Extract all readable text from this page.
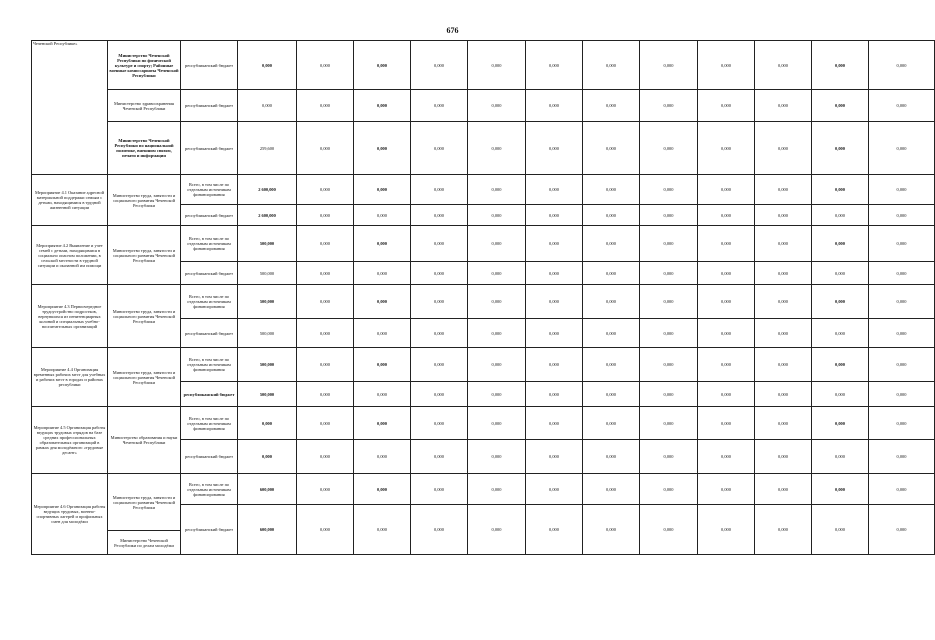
676
Чеченской Республике»	Министерство Чеченской Республики по физической культуре и спорту; Районные военные комиссариаты Чеченской Республики	республиканский бюджет	0,000	0,000	0,000	0,000	0,000	0,000	0,000	0,000	0,000	0,000	0,000	0,000
	Министерство здравоохранения Чеченской Республики	республиканский бюджет	0,000	0,000	0,000	0,000	0,000	0,000	0,000	0,000	0,000	0,000	0,000	0,000
	Министерство Чеченской Республики по национальной политике, внешним связям, печати и информации	республиканский бюджет	259,600	0,000	0,000	0,000	0,000	0,000	0,000	0,000	0,000	0,000	0,000	0,000
Мероприятие 4.1 Оказание адресной материальной поддержки семьям с детьми, находящимися в трудной жизненной ситуации	Министерство труда, занятости и социального развития Чеченской Республики	Всего, в том числе по отдельным источникам финансирования	2 600,000	0,000	0,000	0,000	0,000	0,000	0,000	0,000	0,000	0,000	0,000	0,000
		республиканский бюджет	2 600,000	0,000	0,000	0,000	0,000	0,000	0,000	0,000	0,000	0,000	0,000	0,000
Мероприятие 4.2 Выявление и учет семей с детьми, находящимися в социально опасном положении, в сельской местности в трудной ситуации и оказанной им помощи	Министерство труда, занятости и социального развития Чеченской Республики	Всего, в том числе по отдельным источникам финансирования	500,000	0,000	0,000	0,000	0,000	0,000	0,000	0,000	0,000	0,000	0,000	0,000
		республиканский бюджет	500,000	0,000	0,000	0,000	0,000	0,000	0,000	0,000	0,000	0,000	0,000	0,000
Мероприятие 4.3 Первоочередное трудоустройство подростков, вернувшихся из пенитенциарных колоний и специальных учебно-воспитательных организаций	Министерство труда, занятости и социального развития Чеченской Республики	Всего, в том числе по отдельным источникам финансирования	500,000	0,000	0,000	0,000	0,000	0,000	0,000	0,000	0,000	0,000	0,000	0,000
		республиканский бюджет	500,000	0,000	0,000	0,000	0,000	0,000	0,000	0,000	0,000	0,000	0,000	0,000
Мероприятие 4.4 Организация временных рабочих мест для учебных и рабочих мест в городах и районах республики	Министерство труда, занятости и социального развития Чеченской Республики	Всего, в том числе по отдельным источникам финансирования	500,000	0,000	0,000	0,000	0,000	0,000	0,000	0,000	0,000	0,000	0,000	0,000
		республиканский бюджет	500,000	0,000	0,000	0,000	0,000	0,000	0,000	0,000	0,000	0,000	0,000	0,000
Мероприятие 4.5 Организация работы ведущих трудовых отрядов на базе средних профессиональных образовательных организаций в рамках дня молодёжного «трудовые десант»	Министерство образования и науки Чеченской Республики	Всего, в том числе по отдельным источникам финансирования	0,000	0,000	0,000	0,000	0,000	0,000	0,000	0,000	0,000	0,000	0,000	0,000
		республиканский бюджет	0,000	0,000	0,000	0,000	0,000	0,000	0,000	0,000	0,000	0,000	0,000	0,000
Мероприятие 4.6 Организация работы ведущих трудовых, военно-спортивных лагерей и профильных смен для молодёжи	Министерство труда, занятости и социального развития Чеченской Республики	Всего, в том числе по отдельным источникам финансирования	600,000	0,000	0,000	0,000	0,000	0,000	0,000	0,000	0,000	0,000	0,000	0,000
		республиканский бюджет	600,000	0,000	0,000	0,000	0,000	0,000	0,000	0,000	0,000	0,000	0,000	0,000
	Министерство Чеченской Республики по делам молодёжи													
